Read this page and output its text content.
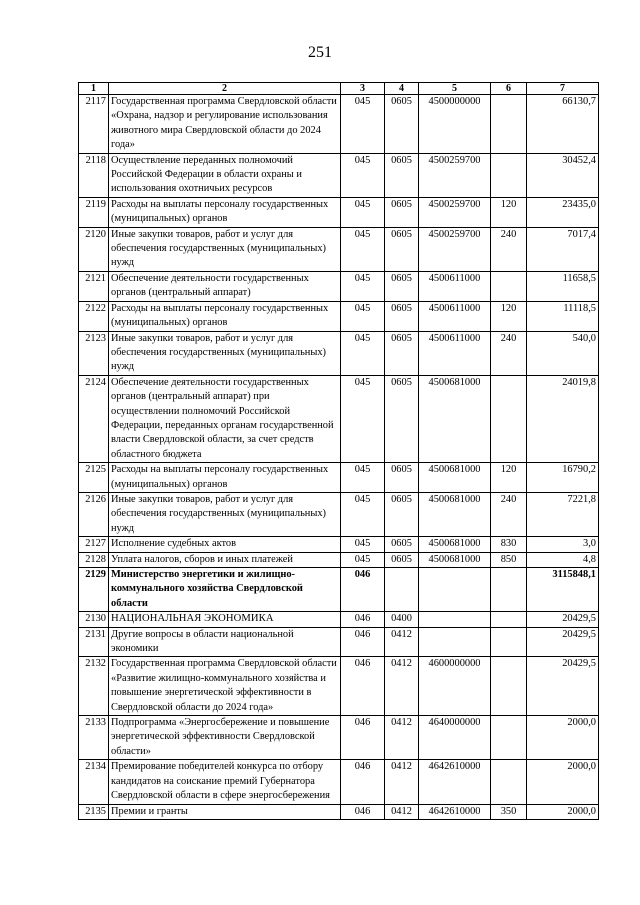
251
1	2	3	4	5	6	7
2117	Государственная программа Свердловской области «Охрана, надзор и регулирование использования животного мира Свердловской области до 2024 года»	045	0605	4500000000		66130,7
2118	Осуществление переданных полномочий Российской Федерации в области охраны и использования охотничьих ресурсов	045	0605	4500259700		30452,4
2119	Расходы на выплаты персоналу государственных (муниципальных) органов	045	0605	4500259700	120	23435,0
2120	Иные закупки товаров, работ и услуг для обеспечения государственных (муниципальных) нужд	045	0605	4500259700	240	7017,4
2121	Обеспечение деятельности государственных органов (центральный аппарат)	045	0605	4500611000		11658,5
2122	Расходы на выплаты персоналу государственных (муниципальных) органов	045	0605	4500611000	120	11118,5
2123	Иные закупки товаров, работ и услуг для обеспечения государственных (муниципальных) нужд	045	0605	4500611000	240	540,0
2124	Обеспечение деятельности государственных органов (центральный аппарат) при осуществлении полномочий Российской Федерации, переданных органам государственной власти Свердловской области, за счет средств областного бюджета	045	0605	4500681000		24019,8
2125	Расходы на выплаты персоналу государственных (муниципальных) органов	045	0605	4500681000	120	16790,2
2126	Иные закупки товаров, работ и услуг для обеспечения государственных (муниципальных) нужд	045	0605	4500681000	240	7221,8
2127	Исполнение судебных актов	045	0605	4500681000	830	3,0
2128	Уплата налогов, сборов и иных платежей	045	0605	4500681000	850	4,8
2129	Министерство энергетики и жилищно-коммунального хозяйства Свердловской области	046				3115848,1
2130	НАЦИОНАЛЬНАЯ ЭКОНОМИКА	046	0400			20429,5
2131	Другие вопросы в области национальной экономики	046	0412			20429,5
2132	Государственная программа Свердловской области «Развитие жилищно-коммунального хозяйства и повышение энергетической эффективности в Свердловской области до 2024 года»	046	0412	4600000000		20429,5
2133	Подпрограмма «Энергосбережение и повышение энергетической эффективности Свердловской области»	046	0412	4640000000		2000,0
2134	Премирование победителей конкурса по отбору кандидатов на соискание премий Губернатора Свердловской области в сфере энергосбережения	046	0412	4642610000		2000,0
2135	Премии и гранты	046	0412	4642610000	350	2000,0
